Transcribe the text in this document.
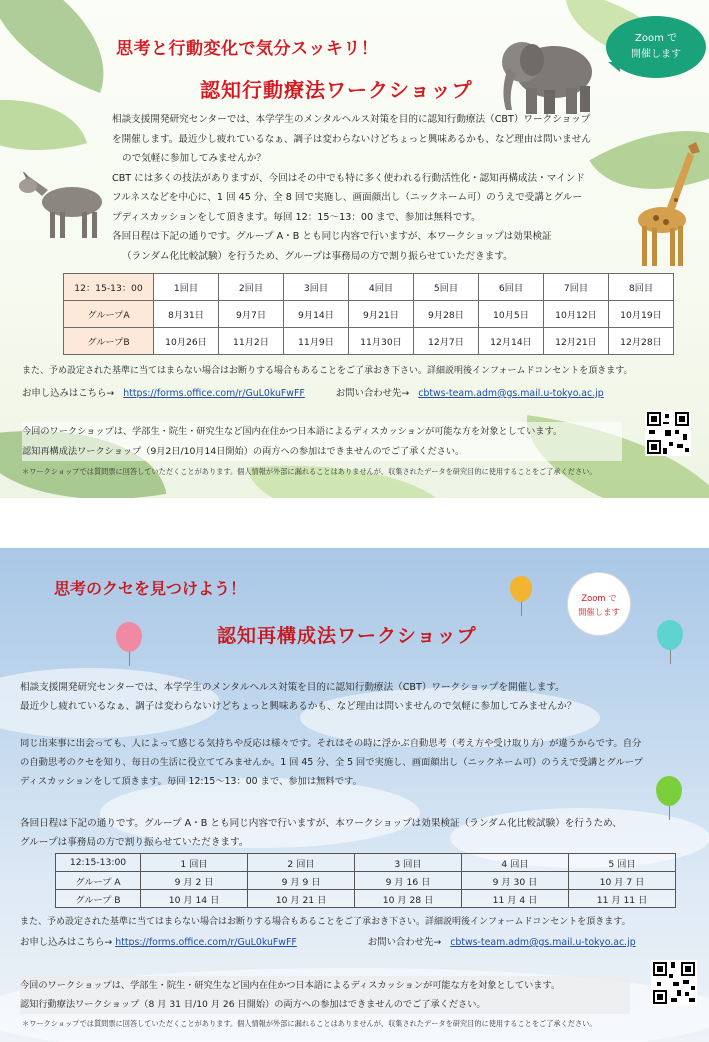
Zoom で
開催します
思考と行動変化で気分スッキリ！
認知行動療法ワークショップ
相談支援開発研究センターでは、本学学生のメンタルヘルス対策を目的に認知行動療法（CBT）ワークショップ
を開催します。最近少し疲れているなぁ、調子は変わらないけどちょっと興味あるかも、など理由は問いません
ので気軽に参加してみませんか？
CBT には多くの技法がありますが、今回はその中でも特に多く使われる行動活性化・認知再構成法・マインド
フルネスなどを中心に、1 回 45 分、全 8 回で実施し、画面顔出し（ニックネーム可）のうえで受講とグルー
プディスカッションをして頂きます。毎回 12：15～13：00 まで、参加は無料です。
各回日程は下記の通りです。グループ A・B とも同じ内容で行いますが、本ワークショップは効果検証
（ランダム化比較試験）を行うため、グループは事務局の方で割り振らせていただきます。
12：15-13：00	1回目	2回目	3回目	4回目	5回目	6回目	7回目	8回目
グループA	8月31日	9月7日	9月14日	9月21日	9月28日	10月5日	10月12日	10月19日
グループB	10月26日	11月2日	11月9日	11月30日	12月7日	12月14日	12月21日	12月28日
また、予め設定された基準に当てはまらない場合はお断りする場合もあることをご了承おき下さい。詳細説明後インフォームドコンセントを頂きます。
お申し込みはこちら→ https://forms.office.com/r/GuL0kuFwFF	お問い合わせ先→ cbtws-team.adm@gs.mail.u-tokyo.ac.jp
今回のワークショップは、学部生・院生・研究生など国内在住かつ日本語によるディスカッションが可能な方を対象としています。
認知再構成法ワークショップ（9月2日/10月14日開始）の両方への参加はできませんのでご了承ください。
＊ワークショップでは質問票に回答していただくことがあります。個人情報が外部に漏れることはありませんが、収集されたデータを研究目的に使用することをご了承ください。
Zoom で
開催します
思考のクセを見つけよう！
認知再構成法ワークショップ
相談支援開発研究センターでは、本学学生のメンタルヘルス対策を目的に認知行動療法（CBT）ワークショップを開催します。
最近少し疲れているなぁ、調子は変わらないけどちょっと興味あるかも、など理由は問いませんので気軽に参加してみませんか？
同じ出来事に出会っても、人によって感じる気持ちや反応は様々です。それはその時に浮かぶ自動思考（考え方や受け取り方）が違うからです。自分
の自動思考のクセを知り、毎日の生活に役立ててみませんか。1 回 45 分、全 5 回で実施し、画面顔出し（ニックネーム可）のうえで受講とグループ
ディスカッションをして頂きます。毎回 12:15～13：00 まで、参加は無料です。
各回日程は下記の通りです。グループ A・B とも同じ内容で行いますが、本ワークショップは効果検証（ランダム化比較試験）を行うため、
グループは事務局の方で割り振らせていただきます。
12:15-13:00	1 回目	2 回目	3 回目	4 回目	5 回目
グループ A	9 月 2 日	9 月 9 日	9 月 16 日	9 月 30 日	10 月 7 日
グループ B	10 月 14 日	10 月 21 日	10 月 28 日	11 月 4 日	11 月 11 日
また、予め設定された基準に当てはまらない場合はお断りする場合もあることをご了承おき下さい。詳細説明後インフォームドコンセントを頂きます。
お申し込みはこちら→ https://forms.office.com/r/GuL0kuFwFF	お問い合わせ先→ cbtws-team.adm@gs.mail.u-tokyo.ac.jp
今回のワークショップは、学部生・院生・研究生など国内在住かつ日本語によるディスカッションが可能な方を対象としています。
認知行動療法ワークショップ（8 月 31 日/10 月 26 日開始）の両方への参加はできませんのでご了承ください。
＊ワークショップでは質問票に回答していただくことがあります。個人情報が外部に漏れることはありませんが、収集されたデータを研究目的に使用することをご了承ください。
